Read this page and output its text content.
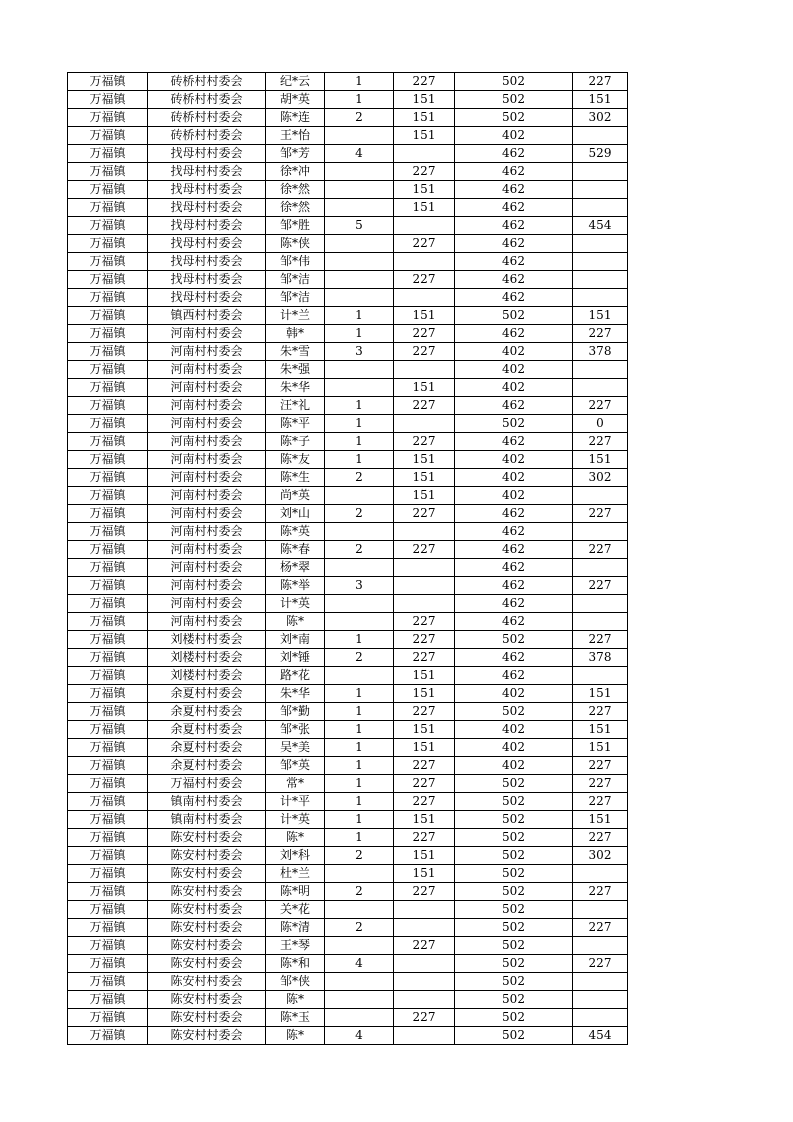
万福镇	砖桥村村委会	纪*云	1	227	502	227
万福镇	砖桥村村委会	胡*英	1	151	502	151
万福镇	砖桥村村委会	陈*连	2	151	502	302
万福镇	砖桥村村委会	王*怡		151	402	
万福镇	找母村村委会	邹*芳	4		462	529
万福镇	找母村村委会	徐*冲		227	462	
万福镇	找母村村委会	徐*然		151	462	
万福镇	找母村村委会	徐*然		151	462	
万福镇	找母村村委会	邹*胜	5		462	454
万福镇	找母村村委会	陈*侠		227	462	
万福镇	找母村村委会	邹*伟			462	
万福镇	找母村村委会	邹*洁		227	462	
万福镇	找母村村委会	邹*洁			462	
万福镇	镇西村村委会	计*兰	1	151	502	151
万福镇	河南村村委会	韩*	1	227	462	227
万福镇	河南村村委会	朱*雪	3	227	402	378
万福镇	河南村村委会	朱*强			402	
万福镇	河南村村委会	朱*华		151	402	
万福镇	河南村村委会	汪*礼	1	227	462	227
万福镇	河南村村委会	陈*平	1		502	0
万福镇	河南村村委会	陈*子	1	227	462	227
万福镇	河南村村委会	陈*友	1	151	402	151
万福镇	河南村村委会	陈*生	2	151	402	302
万福镇	河南村村委会	尚*英		151	402	
万福镇	河南村村委会	刘*山	2	227	462	227
万福镇	河南村村委会	陈*英			462	
万福镇	河南村村委会	陈*春	2	227	462	227
万福镇	河南村村委会	杨*翠			462	
万福镇	河南村村委会	陈*举	3		462	227
万福镇	河南村村委会	计*英			462	
万福镇	河南村村委会	陈*		227	462	
万福镇	刘楼村村委会	刘*南	1	227	502	227
万福镇	刘楼村村委会	刘*锤	2	227	462	378
万福镇	刘楼村村委会	路*花		151	462	
万福镇	余夏村村委会	朱*华	1	151	402	151
万福镇	余夏村村委会	邹*勤	1	227	502	227
万福镇	余夏村村委会	邹*张	1	151	402	151
万福镇	余夏村村委会	吴*美	1	151	402	151
万福镇	余夏村村委会	邹*英	1	227	402	227
万福镇	万福村村委会	常*	1	227	502	227
万福镇	镇南村村委会	计*平	1	227	502	227
万福镇	镇南村村委会	计*英	1	151	502	151
万福镇	陈安村村委会	陈*	1	227	502	227
万福镇	陈安村村委会	刘*科	2	151	502	302
万福镇	陈安村村委会	杜*兰		151	502	
万福镇	陈安村村委会	陈*明	2	227	502	227
万福镇	陈安村村委会	关*花			502	
万福镇	陈安村村委会	陈*清	2		502	227
万福镇	陈安村村委会	王*琴		227	502	
万福镇	陈安村村委会	陈*和	4		502	227
万福镇	陈安村村委会	邹*侠			502	
万福镇	陈安村村委会	陈*			502	
万福镇	陈安村村委会	陈*玉		227	502	
万福镇	陈安村村委会	陈*	4		502	454
